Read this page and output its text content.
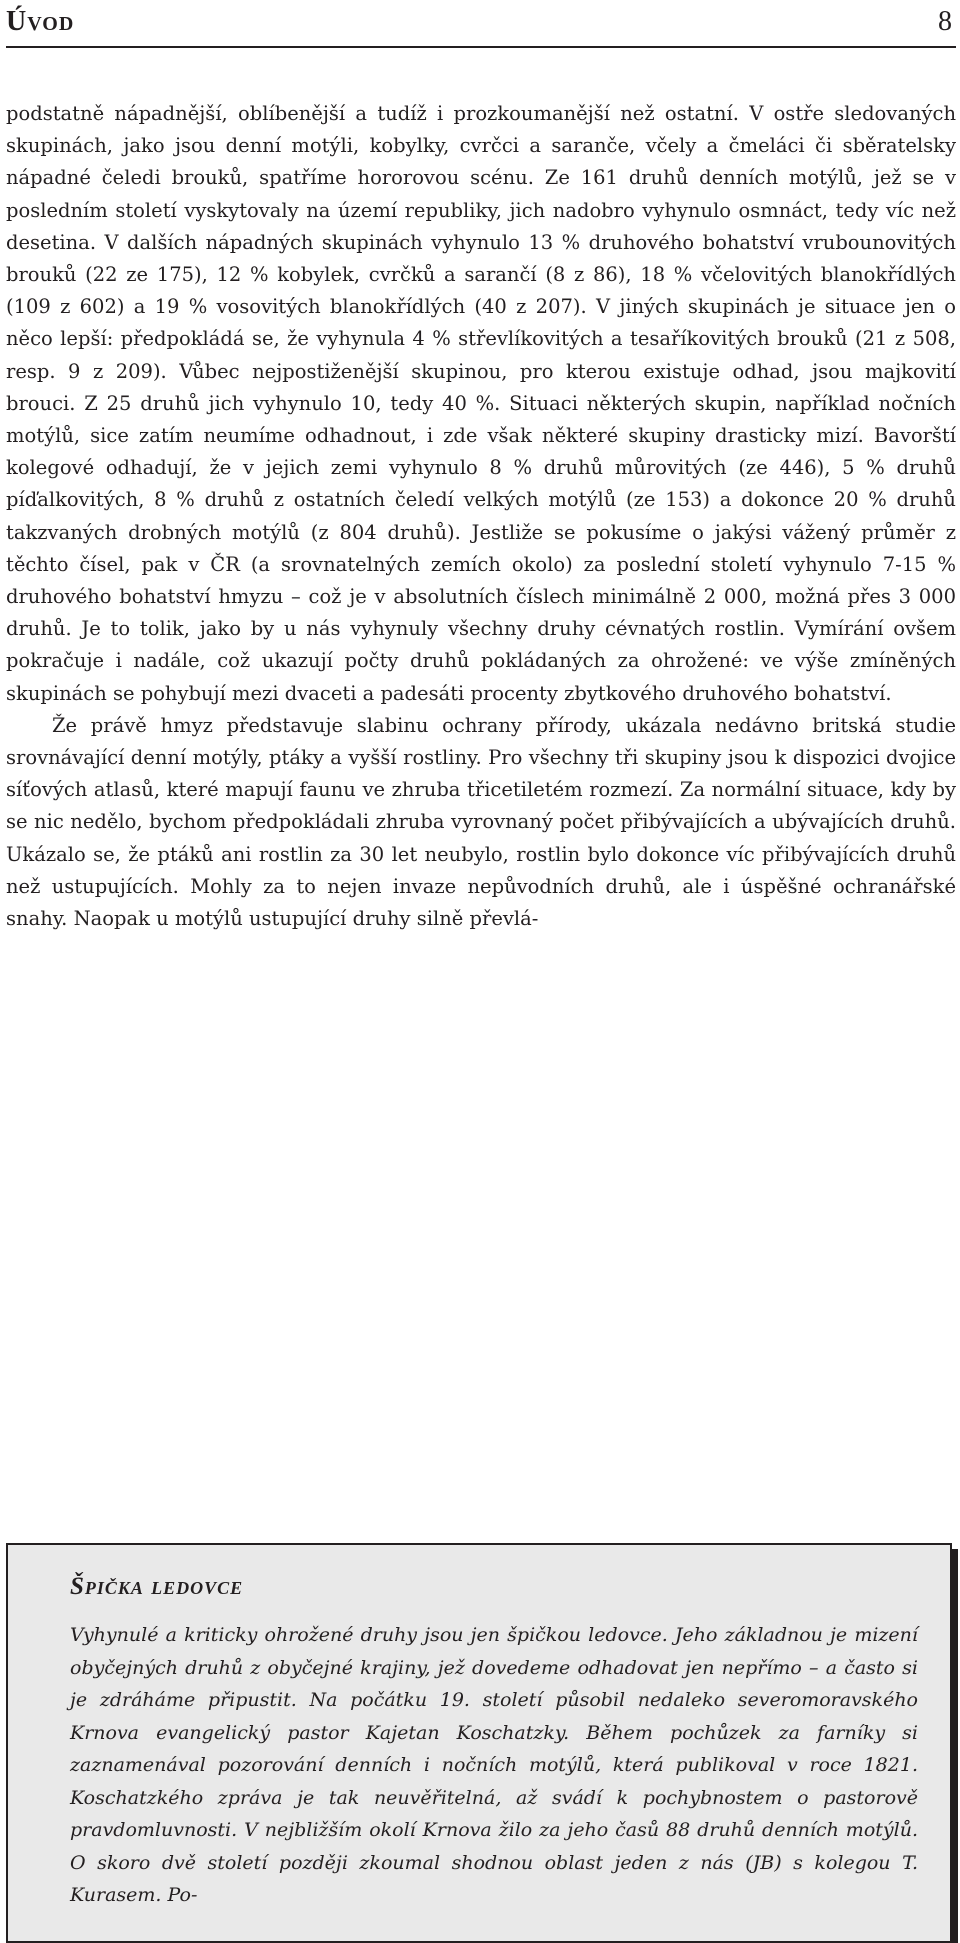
Úvod	8

podstatně nápadnější, oblíbenější a tudíž i prozkoumanější než ostatní. V ostře sledovaných skupinách, jako jsou denní motýli, kobylky, cvrčci a saranče, včely a čmeláci či sběratelsky nápadné čeledi brouků, spatříme hororovou scénu. Ze 161 druhů denních motýlů, jež se v posledním století vyskytovaly na území republiky, jich nadobro vyhynulo osmnáct, tedy víc než desetina. V dalších nápadných skupinách vyhynulo 13 % druhového bohatství vrubounovitých brouků (22 ze 175), 12 % kobylek, cvrčků a sarančí (8 z 86), 18 % včelovitých blanokřídlých (109 z 602) a 19 % vosovitých blanokřídlých (40 z 207). V jiných skupinách je situace jen o něco lepší: předpokládá se, že vyhynula 4 % střevlíkovitých a tesaříkovitých brouků (21 z 508, resp. 9 z 209). Vůbec nejpostiženější skupinou, pro kterou existuje odhad, jsou majkovití brouci. Z 25 druhů jich vyhynulo 10, tedy 40 %. Situaci některých skupin, například nočních motýlů, sice zatím neumíme odhadnout, i zde však některé skupiny drasticky mizí. Bavorští kolegové odhadují, že v jejich zemi vyhynulo 8 % druhů můrovitých (ze 446), 5 % druhů píďalkovitých, 8 % druhů z ostatních čeledí velkých motýlů (ze 153) a dokonce 20 % druhů takzvaných drobných motýlů (z 804 druhů). Jestliže se pokusíme o jakýsi vážený průměr z těchto čísel, pak v ČR (a srovnatelných zemích okolo) za poslední století vyhynulo 7-15 % druhového bohatství hmyzu – což je v absolutních číslech minimálně 2 000, možná přes 3 000 druhů. Je to tolik, jako by u nás vyhynuly všechny druhy cévnatých rostlin. Vymírání ovšem pokračuje i nadále, což ukazují počty druhů pokládaných za ohrožené: ve výše zmíněných skupinách se pohybují mezi dvaceti a padesáti procenty zbytkového druhového bohatství.

Že právě hmyz představuje slabinu ochrany přírody, ukázala nedávno britská studie srovnávající denní motýly, ptáky a vyšší rostliny. Pro všechny tři skupiny jsou k dispozici dvojice síťových atlasů, které mapují faunu ve zhruba třicetiletém rozmezí. Za normální situace, kdy by se nic nedělo, bychom předpokládali zhruba vyrovnaný počet přibývajících a ubývajících druhů. Ukázalo se, že ptáků ani rostlin za 30 let neubylo, rostlin bylo dokonce víc přibývajících druhů než ustupujících. Mohly za to nejen invaze nepůvodních druhů, ale i úspěšné ochranářské snahy. Naopak u motýlů ustupující druhy silně převlá-

Špička ledovce

Vyhynulé a kriticky ohrožené druhy jsou jen špičkou ledovce. Jeho základnou je mizení obyčejných druhů z obyčejné krajiny, jež dovedeme odhadovat jen nepřímo – a často si je zdráháme připustit. Na počátku 19. století působil nedaleko severomoravského Krnova evangelický pastor Kajetan Koschatzky. Během pochůzek za farníky si zaznamenával pozorování denních i nočních motýlů, která publikoval v roce 1821. Koschatzkého zpráva je tak neuvěřitelná, až svádí k pochybnostem o pastorově pravdomluvnosti. V nejbližším okolí Krnova žilo za jeho časů 88 druhů denních motýlů. O skoro dvě století později zkoumal shodnou oblast jeden z nás (JB) s kolegou T. Kurasem. Po-
